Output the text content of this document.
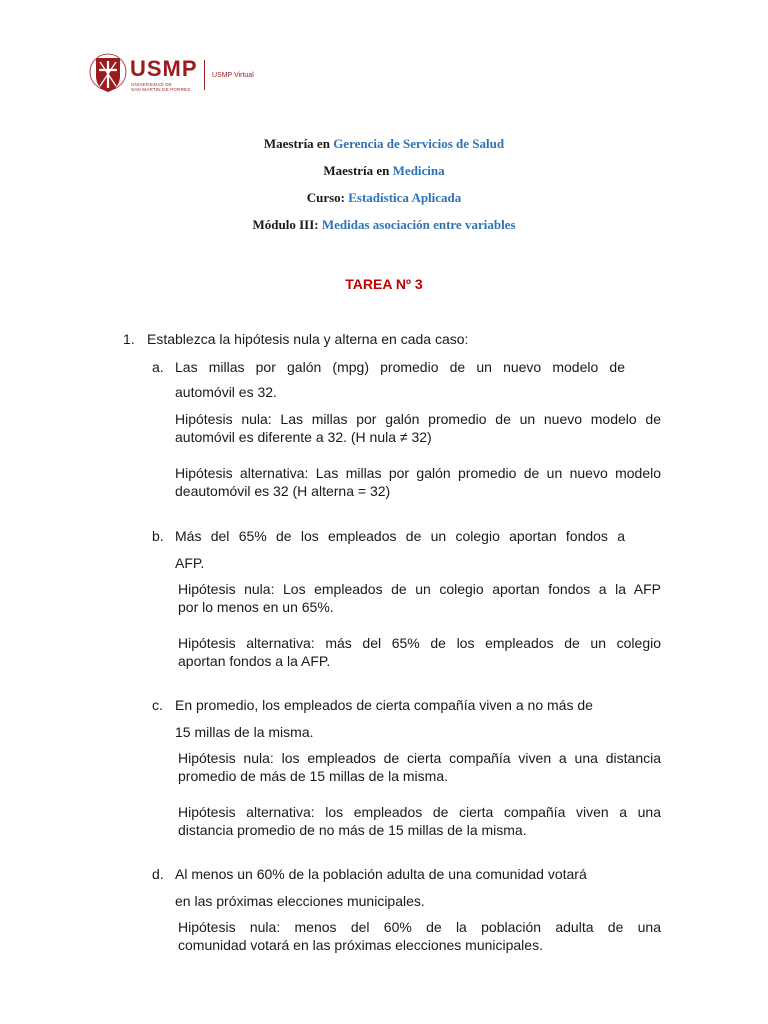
USMP
UNIVERSIDAD DE
SAN MARTIN DE PORRES
USMP Virtual
Maestría en Gerencia de Servicios de Salud
Maestría en Medicina
Curso: Estadística Aplicada
Módulo III: Medidas asociación entre variables
TAREA Nº 3
1. Establezca la hipótesis nula y alterna en cada caso:
a. Las millas por galón (mpg) promedio de un nuevo modelo de
automóvil es 32.
Hipótesis nula: Las millas por galón promedio de un nuevo modelo de
automóvil es diferente a 32. (H nula ≠ 32)
Hipótesis alternativa: Las millas por galón promedio de un nuevo modelo
deautomóvil es 32 (H alterna = 32)
b. Más del 65% de los empleados de un colegio aportan fondos a
AFP.
Hipótesis nula: Los empleados de un colegio aportan fondos a la AFP
por lo menos en un 65%.
Hipótesis alternativa: más del 65% de los empleados de un colegio
aportan fondos a la AFP.
c. En promedio, los empleados de cierta compañía viven a no más de
15 millas de la misma.
Hipótesis nula: los empleados de cierta compañía viven a una distancia
promedio de más de 15 millas de la misma.
Hipótesis alternativa: los empleados de cierta compañía viven a una
distancia promedio de no más de 15 millas de la misma.
d. Al menos un 60% de la población adulta de una comunidad votará
en las próximas elecciones municipales.
Hipótesis nula: menos del 60% de la población adulta de una
comunidad votará en las próximas elecciones municipales.
